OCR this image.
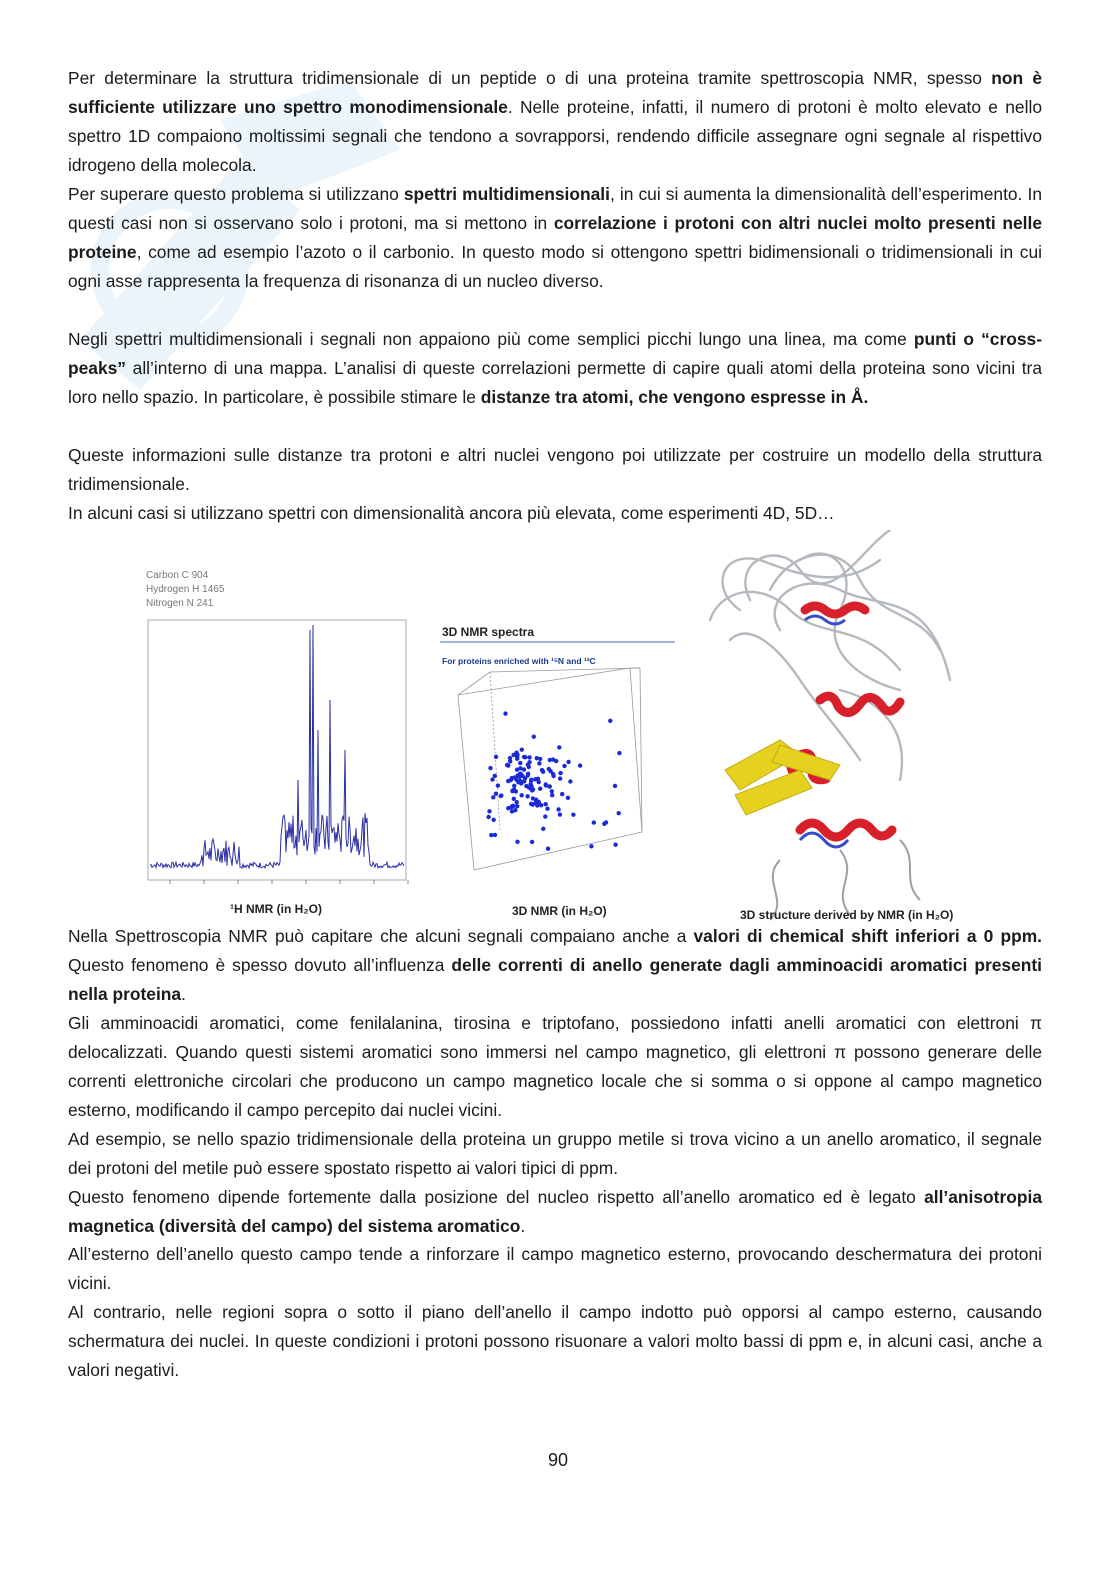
Per determinare la struttura tridimensionale di un peptide o di una proteina tramite spettroscopia NMR, spesso non è sufficiente utilizzare uno spettro monodimensionale. Nelle proteine, infatti, il numero di protoni è molto elevato e nello spettro 1D compaiono moltissimi segnali che tendono a sovrapporsi, rendendo difficile assegnare ogni segnale al rispettivo idrogeno della molecola.

Per superare questo problema si utilizzano spettri multidimensionali, in cui si aumenta la dimensionalità dell’esperimento. In questi casi non si osservano solo i protoni, ma si mettono in correlazione i protoni con altri nuclei molto presenti nelle proteine, come ad esempio l’azoto o il carbonio. In questo modo si ottengono spettri bidimensionali o tridimensionali in cui ogni asse rappresenta la frequenza di risonanza di un nucleo diverso.

Negli spettri multidimensionali i segnali non appaiono più come semplici picchi lungo una linea, ma come punti o “cross-peaks” all’interno di una mappa. L’analisi di queste correlazioni permette di capire quali atomi della proteina sono vicini tra loro nello spazio. In particolare, è possibile stimare le distanze tra atomi, che vengono espresse in Å.

Queste informazioni sulle distanze tra protoni e altri nuclei vengono poi utilizzate per costruire un modello della struttura tridimensionale.

In alcuni casi si utilizzano spettri con dimensionalità ancora più elevata, come esperimenti 4D, 5D…

Carbon C 904
Hydrogen H 1465
Nitrogen N 241
3D NMR spectra
For proteins enriched with ¹⁵N and ¹³C
¹H NMR (in H₂O)	3D NMR (in H₂O)	3D structure derived by NMR (in H₂O)

Nella Spettroscopia NMR può capitare che alcuni segnali compaiano anche a valori di chemical shift inferiori a 0 ppm. Questo fenomeno è spesso dovuto all’influenza delle correnti di anello generate dagli amminoacidi aromatici presenti nella proteina.

Gli amminoacidi aromatici, come fenilalanina, tirosina e triptofano, possiedono infatti anelli aromatici con elettroni π delocalizzati. Quando questi sistemi aromatici sono immersi nel campo magnetico, gli elettroni π possono generare delle correnti elettroniche circolari che producono un campo magnetico locale che si somma o si oppone al campo magnetico esterno, modificando il campo percepito dai nuclei vicini.

Ad esempio, se nello spazio tridimensionale della proteina un gruppo metile si trova vicino a un anello aromatico, il segnale dei protoni del metile può essere spostato rispetto ai valori tipici di ppm.

Questo fenomeno dipende fortemente dalla posizione del nucleo rispetto all’anello aromatico ed è legato all’anisotropia magnetica (diversità del campo) del sistema aromatico.

All’esterno dell’anello questo campo tende a rinforzare il campo magnetico esterno, provocando deschermatura dei protoni vicini.

Al contrario, nelle regioni sopra o sotto il piano dell’anello il campo indotto può opporsi al campo esterno, causando schermatura dei nuclei. In queste condizioni i protoni possono risuonare a valori molto bassi di ppm e, in alcuni casi, anche a valori negativi.

90
